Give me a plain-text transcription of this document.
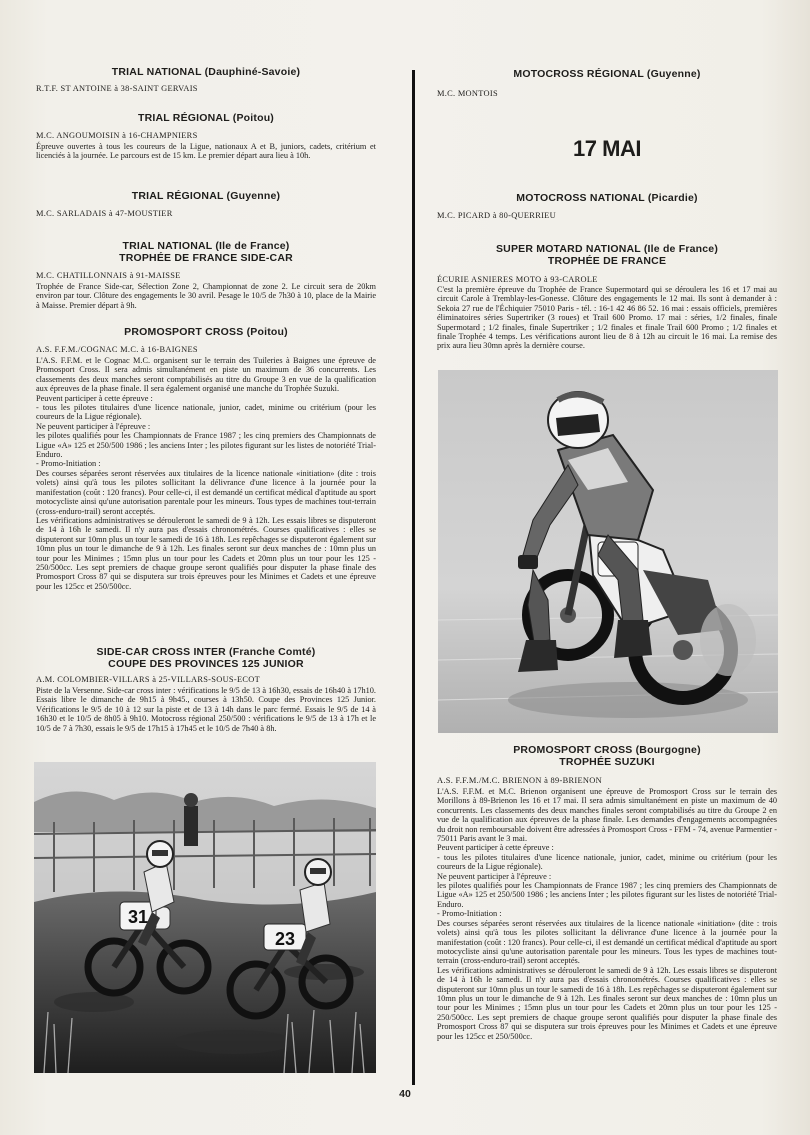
TRIAL NATIONAL (Dauphiné-Savoie)
R.T.F. ST ANTOINE à 38-SAINT GERVAIS
TRIAL RÉGIONAL (Poitou)
M.C. ANGOUMOISIN à 16-CHAMPNIERS

Épreuve ouvertes à tous les coureurs de la Ligue, nationaux A et B, juniors, cadets, critérium et licenciés à la journée. Le parcours est de 15 km. Le premier départ aura lieu à 10h.

TRIAL RÉGIONAL (Guyenne)
M.C. SARLADAIS à 47-MOUSTIER
TRIAL NATIONAL (Ile de France)
TROPHÉE DE FRANCE SIDE-CAR
M.C. CHATILLONNAIS à 91-MAISSE

Trophée de France Side-car, Sélection Zone 2, Championnat de zone 2. Le circuit sera de 20km environ par tour. Clôture des engagements le 30 avril. Pesage le 10/5 de 7h30 à 10, place de la Mairie à Maisse. Premier départ à 9h.

PROMOSPORT CROSS (Poitou)
A.S. F.F.M./COGNAC M.C. à 16-BAIGNES

L'A.S. F.F.M. et le Cognac M.C. organisent sur le terrain des Tuileries à Baignes une épreuve de Promosport Cross. Il sera admis simultanément en piste un maximum de 36 concurrents. Les classements des deux manches seront comptabilisés au titre du Groupe 3 en vue de la qualification aux épreuves de la phase finale. Il sera également organisé une manche du Trophée Suzuki.

Peuvent participer à cette épreuve :

- tous les pilotes titulaires d'une licence nationale, junior, cadet, minime ou critérium (pour les coureurs de la Ligue régionale).

Ne peuvent participer à l'épreuve :

les pilotes qualifiés pour les Championnats de France 1987 ; les cinq premiers des Championnats de Ligue «A» 125 et 250/500 1986 ; les anciens Inter ; les pilotes figurant sur les listes de notoriété Trial-Enduro.

- Promo-Initiation :

Des courses séparées seront réservées aux titulaires de la licence nationale «initiation» (dite : trois volets) ainsi qu'à tous les pilotes sollicitant la délivrance d'une licence à la journée pour la manifestation (coût : 120 francs). Pour celle-ci, il est demandé un certificat médical d'aptitude au sport motocycliste ainsi qu'une autorisation parentale pour les mineurs. Tous types de machines tout-terrain (cross-enduro-trail) seront acceptés.

Les vérifications administratives se dérouleront le samedi de 9 à 12h. Les essais libres se disputeront de 14 à 16h le samedi. Il n'y aura pas d'essais chronométrés. Courses qualificatives : elles se disputeront sur 10mn plus un tour le samedi de 16 à 18h. Les repêchages se disputeront également sur 10mn plus un tour le dimanche de 9 à 12h. Les finales seront sur deux manches de : 10mn plus un tour pour les Minimes ; 15mn plus un tour pour les Cadets et 20mn plus un tour pour les 125 - 250/500cc. Les sept premiers de chaque groupe seront qualifiés pour disputer la phase finale des Promosport Cross 87 qui se disputera sur trois épreuves pour les Minimes et Cadets et une épreuve pour les 125cc et 250/500cc.

SIDE-CAR CROSS INTER (Franche Comté)
COUPE DES PROVINCES 125 JUNIOR
A.M. COLOMBIER-VILLARS à 25-VILLARS-SOUS-ECOT

Piste de la Versenne. Side-car cross inter : vérifications le 9/5 de 13 à 16h30, essais de 16h40 à 17h10. Essais libre le dimanche de 9h15 à 9h45., courses à 13h50. Coupe des Provinces 125 Junior. Vérifications le 9/5 de 10 à 12 sur la piste et de 13 à 14h dans le parc fermé. Essais le 9/5 de 14 à 16h30 et le 10/5 de 8h05 à 9h10. Motocross régional 250/500 : vérifications le 9/5 de 13 à 17h et le 10/5 de 7 à 7h30, essais le 9/5 de 17h15 à 17h45 et le 10/5 de 7h40 à 8h.

31
23
MOTOCROSS RÉGIONAL (Guyenne)
M.C. MONTOIS
17 MAI
MOTOCROSS NATIONAL (Picardie)
M.C. PICARD à 80-QUERRIEU
SUPER MOTARD NATIONAL (Ile de France)
TROPHÉE DE FRANCE
ÉCURIE ASNIERES MOTO à 93-CAROLE

C'est la première épreuve du Trophée de France Supermotard qui se déroulera les 16 et 17 mai au circuit Carole à Tremblay-les-Gonesse. Clôture des engagements le 12 mai. Ils sont à demander à : Sekoia 27 rue de l'Échiquier 75010 Paris - tél. : 16-1 42 46 86 52. 16 mai : essais officiels, premières éliminatoires séries Supertriker (3 roues) et Trail 600 Promo. 17 mai : séries, 1/2 finales, finale Supermotard ; 1/2 finales, finale Supertriker ; 1/2 finales et finale Trail 600 Promo ; 1/2 finales et finale Trophée 4 temps. Les vérifications auront lieu de 8 à 12h au circuit le 16 mai. La remise des prix aura lieu 30mn après la dernière course.

PROMOSPORT CROSS (Bourgogne)
TROPHÉE SUZUKI
A.S. F.F.M./M.C. BRIENON à 89-BRIENON

L'A.S. F.F.M. et M.C. Brienon organisent une épreuve de Promosport Cross sur le terrain des Morillons à 89-Brienon les 16 et 17 mai. Il sera admis simultanément en piste un maximum de 40 concurrents. Les classements des deux manches finales seront comptabilisés au titre du Groupe 2 en vue de la qualification aux épreuves de la phase finale. Les demandes d'engagements accompagnées du droit non remboursable doivent être adressées à Promosport Cross - FFM - 74, avenue Parmentier - 75011 Paris avant le 3 mai.

Peuvent participer à cette épreuve :

- tous les pilotes titulaires d'une licence nationale, junior, cadet, minime ou critérium (pour les coureurs de la Ligue régionale).

Ne peuvent participer à l'épreuve :

les pilotes qualifiés pour les Championnats de France 1987 ; les cinq premiers des Championnats de Ligue «A» 125 et 250/500 1986 ; les anciens Inter ; les pilotes figurant sur les listes de notoriété Trial-Enduro.

- Promo-Initiation :

Des courses séparées seront réservées aux titulaires de la licence nationale «initiation» (dite : trois volets) ainsi qu'à tous les pilotes sollicitant la délivrance d'une licence à la journée pour la manifestation (coût : 120 francs). Pour celle-ci, il est demandé un certificat médical d'aptitude au sport motocycliste ainsi qu'une autorisation parentale pour les mineurs. Tous les types de machines tout-terrain (cross-enduro-trail) seront acceptés.

Les vérifications administratives se dérouleront le samedi de 9 à 12h. Les essais libres se disputeront de 14 à 16h le samedi. Il n'y aura pas d'essais chronométrés. Courses qualificatives : elles se disputeront sur 10mn plus un tour le samedi de 16 à 18h. Les repêchages se disputeront également sur 10mn plus un tour le dimanche de 9 à 12h. Les finales seront sur deux manches de : 10mn plus un tour pour les Minimes ; 15mn plus un tour pour les Cadets et 20mn plus un tour pour les 125 - 250/500cc. Les sept premiers de chaque groupe seront qualifiés pour disputer la phase finale des Promosport Cross 87 qui se disputera sur trois épreuves pour les Minimes et Cadets et une épreuve pour les 125cc et 250/500cc.

40
